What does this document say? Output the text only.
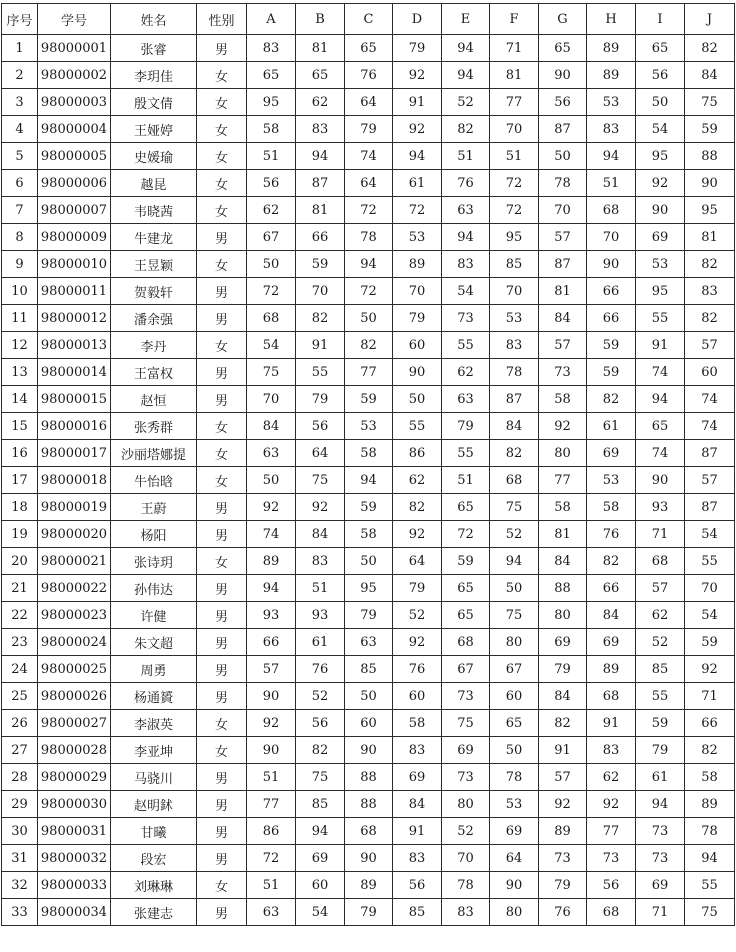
序号	学号	姓名	性别	A	B	C	D	E	F	G	H	I	J
1	98000001	张睿	男	83	81	65	79	94	71	65	89	65	82
2	98000002	李玥佳	女	65	65	76	92	94	81	90	89	56	84
3	98000003	殷文倩	女	95	62	64	91	52	77	56	53	50	75
4	98000004	王娅婷	女	58	83	79	92	82	70	87	83	54	59
5	98000005	史媛瑜	女	51	94	74	94	51	51	50	94	95	88
6	98000006	越昆	女	56	87	64	61	76	72	78	51	92	90
7	98000007	韦晓茜	女	62	81	72	72	63	72	70	68	90	95
8	98000009	牛建龙	男	67	66	78	53	94	95	57	70	69	81
9	98000010	王昱颖	女	50	59	94	89	83	85	87	90	53	82
10	98000011	贺毅轩	男	72	70	72	70	54	70	81	66	95	83
11	98000012	潘余强	男	68	82	50	79	73	53	84	66	55	82
12	98000013	李丹	女	54	91	82	60	55	83	57	59	91	57
13	98000014	王富权	男	75	55	77	90	62	78	73	59	74	60
14	98000015	赵恒	男	70	79	59	50	63	87	58	82	94	74
15	98000016	张秀群	女	84	56	53	55	79	84	92	61	65	74
16	98000017	沙丽塔娜提	女	63	64	58	86	55	82	80	69	74	87
17	98000018	牛怡晗	女	50	75	94	62	51	68	77	53	90	57
18	98000019	王蔚	男	92	92	59	82	65	75	58	58	93	87
19	98000020	杨阳	男	74	84	58	92	72	52	81	76	71	54
20	98000021	张诗玥	女	89	83	50	64	59	94	84	82	68	55
21	98000022	孙伟达	男	94	51	95	79	65	50	88	66	57	70
22	98000023	许健	男	93	93	79	52	65	75	80	84	62	54
23	98000024	朱文超	男	66	61	63	92	68	80	69	69	52	59
24	98000025	周勇	男	57	76	85	76	67	67	79	89	85	92
25	98000026	杨通贇	男	90	52	50	60	73	60	84	68	55	71
26	98000027	李淑英	女	92	56	60	58	75	65	82	91	59	66
27	98000028	李亚坤	女	90	82	90	83	69	50	91	83	79	82
28	98000029	马骁川	男	51	75	88	69	73	78	57	62	61	58
29	98000030	赵明鉥	男	77	85	88	84	80	53	92	92	94	89
30	98000031	甘曦	男	86	94	68	91	52	69	89	77	73	78
31	98000032	段宏	男	72	69	90	83	70	64	73	73	73	94
32	98000033	刘琳琳	女	51	60	89	56	78	90	79	56	69	55
33	98000034	张建志	男	63	54	79	85	83	80	76	68	71	75
